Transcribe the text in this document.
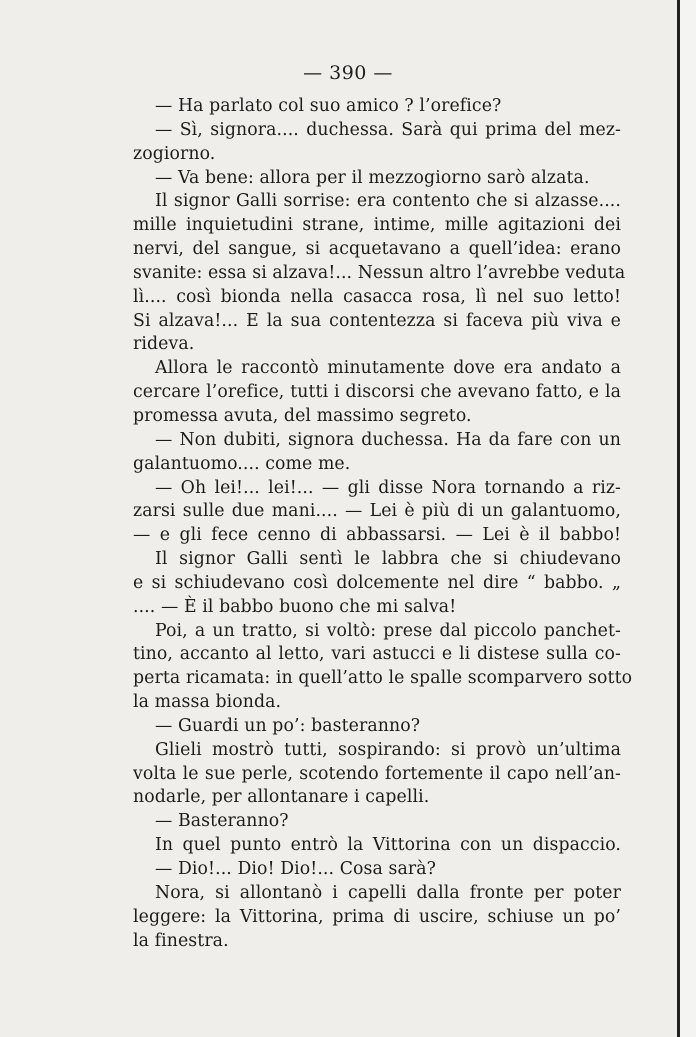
— 390 —
— Ha parlato col suo amico ? l’orefice?
— Sì, signora.... duchessa. Sarà qui prima del mez-
zogiorno.
— Va bene: allora per il mezzogiorno sarò alzata.
Il signor Galli sorrise: era contento che si alzasse....
mille inquietudini strane, intime, mille agitazioni dei
nervi, del sangue, si acquetavano a quell’idea: erano
svanite: essa si alzava!... Nessun altro l’avrebbe veduta
lì.... così bionda nella casacca rosa, lì nel suo letto!
Si alzava!... E la sua contentezza si faceva più viva e
rideva.
Allora le raccontò minutamente dove era andato a
cercare l’orefice, tutti i discorsi che avevano fatto, e la
promessa avuta, del massimo segreto.
— Non dubiti, signora duchessa. Ha da fare con un
galantuomo.... come me.
— Oh lei!... lei!... — gli disse Nora tornando a riz-
zarsi sulle due mani.... — Lei è più di un galantuomo,
— e gli fece cenno di abbassarsi. — Lei è il babbo!
Il signor Galli sentì le labbra che si chiudevano
e si schiudevano così dolcemente nel dire “ babbo. „
.... — È il babbo buono che mi salva!
Poi, a un tratto, si voltò: prese dal piccolo panchet-
tino, accanto al letto, vari astucci e li distese sulla co-
perta ricamata: in quell’atto le spalle scomparvero sotto
la massa bionda.
— Guardi un po’: basteranno?
Glieli mostrò tutti, sospirando: si provò un’ultima
volta le sue perle, scotendo fortemente il capo nell’an-
nodarle, per allontanare i capelli.
— Basteranno?
In quel punto entrò la Vittorina con un dispaccio.
— Dio!... Dio! Dio!... Cosa sarà?
Nora, si allontanò i capelli dalla fronte per poter
leggere: la Vittorina, prima di uscire, schiuse un po’
la finestra.
